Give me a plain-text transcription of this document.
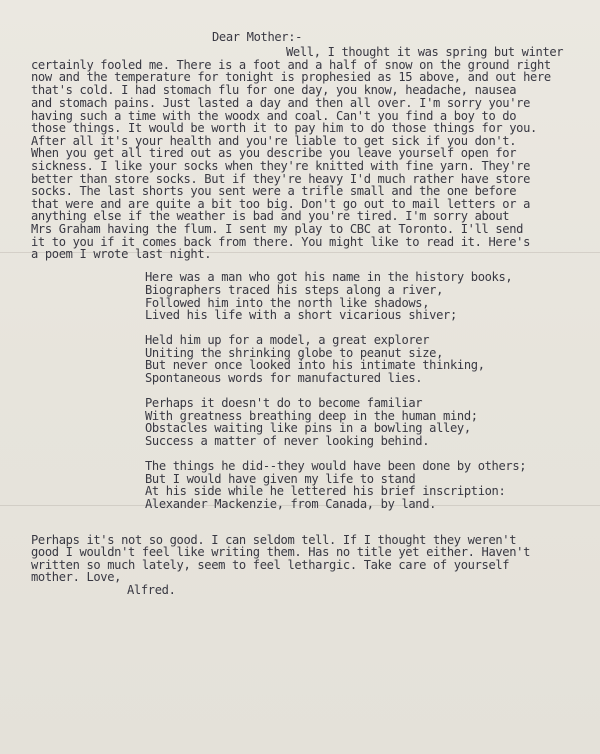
Dear Mother:-
Well, I thought it was spring but winter
certainly fooled me. There is a foot and a half of snow on the ground right
now and the temperature for tonight is prophesied as 15 above, and out here
that's cold. I had stomach flu for one day, you know, headache, nausea
and stomach pains. Just lasted a day and then all over. I'm sorry you're
having such a time with the woodx and coal. Can't you find a boy to do
those things. It would be worth it to pay him to do those things for you.
After all it's your health and you're liable to get sick if you don't.
When you get all tired out as you describe you leave yourself open for
sickness. I like your socks when they're knitted with fine yarn. They're
better than store socks. But if they're heavy I'd much rather have store
socks. The last shorts you sent were a trifle small and the one before
that were and are quite a bit too big. Don't go out to mail letters or a
anything else if the weather is bad and you're tired. I'm sorry about
Mrs Graham having the flum. I sent my play to CBC at Toronto. I'll send
it to you if it comes back from there. You might like to read it. Here's
a poem I wrote last night.
Here was a man who got his name in the history books,
Biographers traced his steps along a river,
Followed him into the north like shadows,
Lived his life with a short vicarious shiver;
Held him up for a model, a great explorer
Uniting the shrinking globe to peanut size,
But never once looked into his intimate thinking,
Spontaneous words for manufactured lies.
Perhaps it doesn't do to become familiar
With greatness breathing deep in the human mind;
Obstacles waiting like pins in a bowling alley,
Success a matter of never looking behind.
The things he did--they would have been done by others;
But I would have given my life to stand
At his side while he lettered his brief inscription:
Alexander Mackenzie, from Canada, by land.
Perhaps it's not so good. I can seldom tell. If I thought they weren't
good I wouldn't feel like writing them. Has no title yet either. Haven't
written so much lately, seem to feel lethargic. Take care of yourself
mother. Love,
Alfred.
